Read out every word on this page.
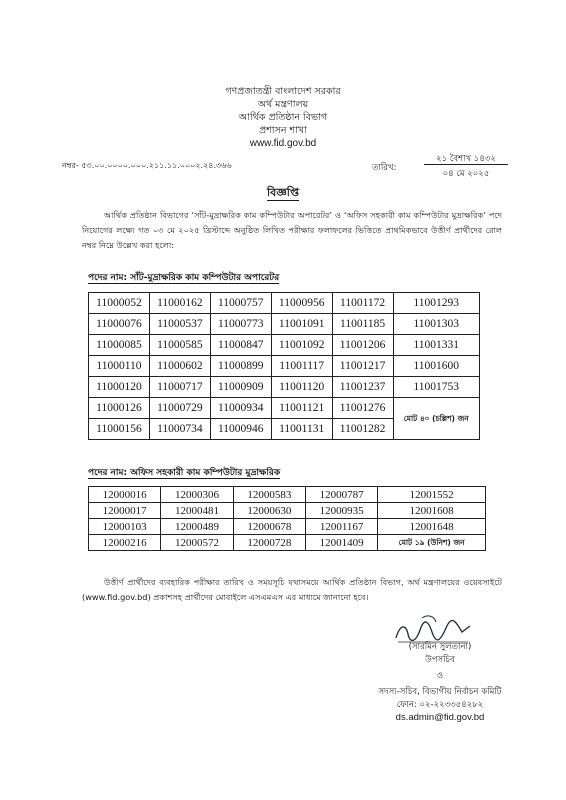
গণপ্রজাতন্ত্রী বাংলাদেশ সরকার
অর্থ মন্ত্রণালয়
আর্থিক প্রতিষ্ঠান বিভাগ
প্রশাসন শাখা
www.fid.gov.bd
নম্বর- ৫৩.০০.০০০০.০০০.২১১.১১.০০০২.২৪.৩৬৬	তারিখ:
২১ বৈশাখ ১৪৩২
০৪ মে ২০২৫
বিজ্ঞপ্তি
আর্থিক প্রতিষ্ঠান বিভাগের ‘সাঁট-মুদ্রাক্ষরিক কাম কম্পিউটার অপারেটর’ ও ‘অফিস সহকারী কাম কম্পিউটার মুদ্রাক্ষরিক’ পদে নিয়োগের লক্ষ্যে গত ০৩ মে ২০২৫ খ্রিস্টাব্দে অনুষ্ঠিত লিখিত পরীক্ষার ফলাফলের ভিত্তিতে প্রাথমিকভাবে উত্তীর্ণ প্রার্থীদের রোল নম্বর নিম্নে উল্লেখ করা হলো:
পদের নাম: সাঁট-মুদ্রাক্ষরিক কাম কম্পিউটার অপারেটর
11000052	11000162	11000757	11000956	11001172	11001293
11000076	11000537	11000773	11001091	11001185	11001303
11000085	11000585	11000847	11001092	11001206	11001331
11000110	11000602	11000899	11001117	11001217	11001600
11000120	11000717	11000909	11001120	11001237	11001753
11000126	11000729	11000934	11001121	11001276	মোট ৪০ (চল্লিশ) জন
11000156	11000734	11000946	11001131	11001282	
পদের নাম: অফিস সহকারী কাম কম্পিউটার মুদ্রাক্ষরিক
12000016	12000306	12000583	12000787	12001552
12000017	12000481	12000630	12000935	12001608
12000103	12000489	12000678	12001167	12001648
12000216	12000572	12000728	12001409	মোট ১৯ (উনিশ) জন
উত্তীর্ণ প্রার্থীদের ব্যবহারিক পরীক্ষার তারিখ ও সময়সূচি যথাসময়ে আর্থিক প্রতিষ্ঠান বিভাগ, অর্থ মন্ত্রণালয়ের ওয়েবসাইটে (www.fid.gov.bd) প্রকাশসহ প্রার্থীদের মোবাইলে এসএমএস এর মাধ্যমে জানানো হবে।
(সারমিন সুলতানা)
উপসচিব
ও
সদস্য-সচিব, বিভাগীয় নির্বাচন কমিটি
ফোন: ০২-২২৩৩৫৪২৮২
ds.admin@fid.gov.bd
